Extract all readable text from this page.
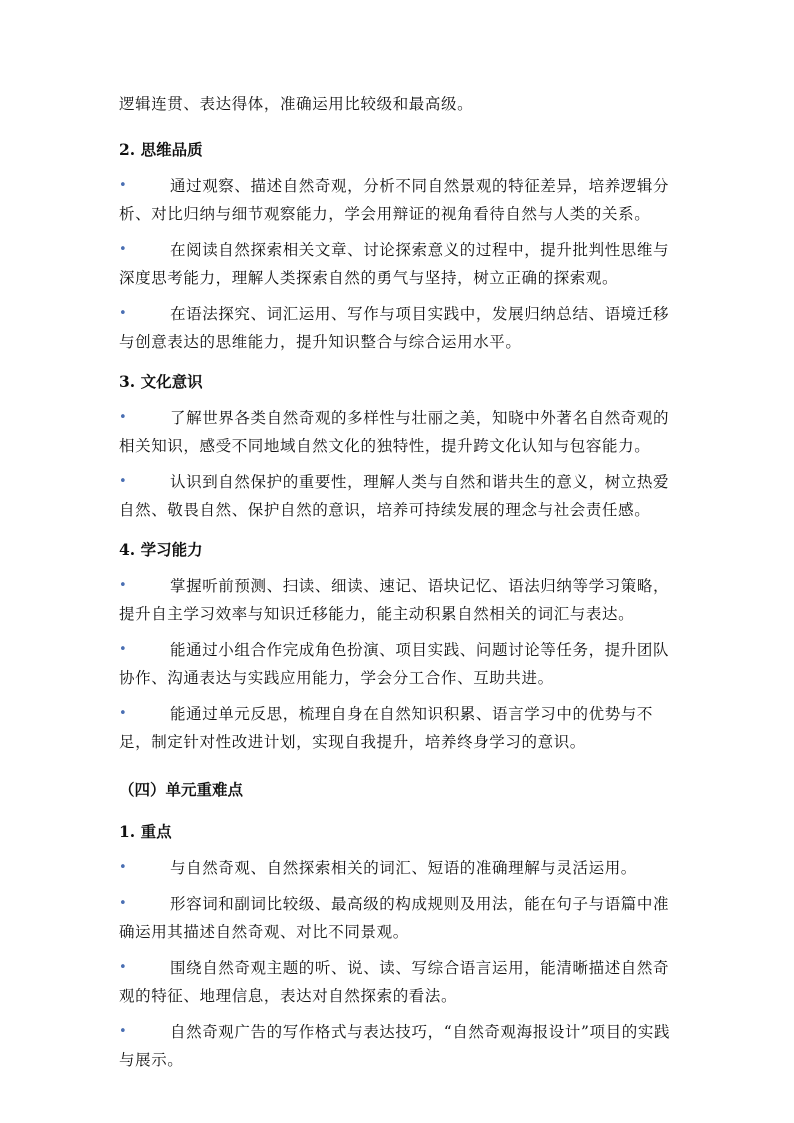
逻辑连贯、表达得体，准确运用比较级和最高级。

2. 思维品质

•	通过观察、描述自然奇观，分析不同自然景观的特征差异，培养逻辑分析、对比归纳与细节观察能力，学会用辩证的视角看待自然与人类的关系。

•	在阅读自然探索相关文章、讨论探索意义的过程中，提升批判性思维与深度思考能力，理解人类探索自然的勇气与坚持，树立正确的探索观。

•	在语法探究、词汇运用、写作与项目实践中，发展归纳总结、语境迁移与创意表达的思维能力，提升知识整合与综合运用水平。

3. 文化意识

•	了解世界各类自然奇观的多样性与壮丽之美，知晓中外著名自然奇观的相关知识，感受不同地域自然文化的独特性，提升跨文化认知与包容能力。

•	认识到自然保护的重要性，理解人类与自然和谐共生的意义，树立热爱自然、敬畏自然、保护自然的意识，培养可持续发展的理念与社会责任感。

4. 学习能力

•	掌握听前预测、扫读、细读、速记、语块记忆、语法归纳等学习策略，提升自主学习效率与知识迁移能力，能主动积累自然相关的词汇与表达。

•	能通过小组合作完成角色扮演、项目实践、问题讨论等任务，提升团队协作、沟通表达与实践应用能力，学会分工合作、互助共进。

•	能通过单元反思，梳理自身在自然知识积累、语言学习中的优势与不足，制定针对性改进计划，实现自我提升，培养终身学习的意识。

（四）单元重难点
1. 重点

•	与自然奇观、自然探索相关的词汇、短语的准确理解与灵活运用。

•	形容词和副词比较级、最高级的构成规则及用法，能在句子与语篇中准确运用其描述自然奇观、对比不同景观。

•	围绕自然奇观主题的听、说、读、写综合语言运用，能清晰描述自然奇观的特征、地理信息，表达对自然探索的看法。

•	自然奇观广告的写作格式与表达技巧，“自然奇观海报设计”项目的实践与展示。
